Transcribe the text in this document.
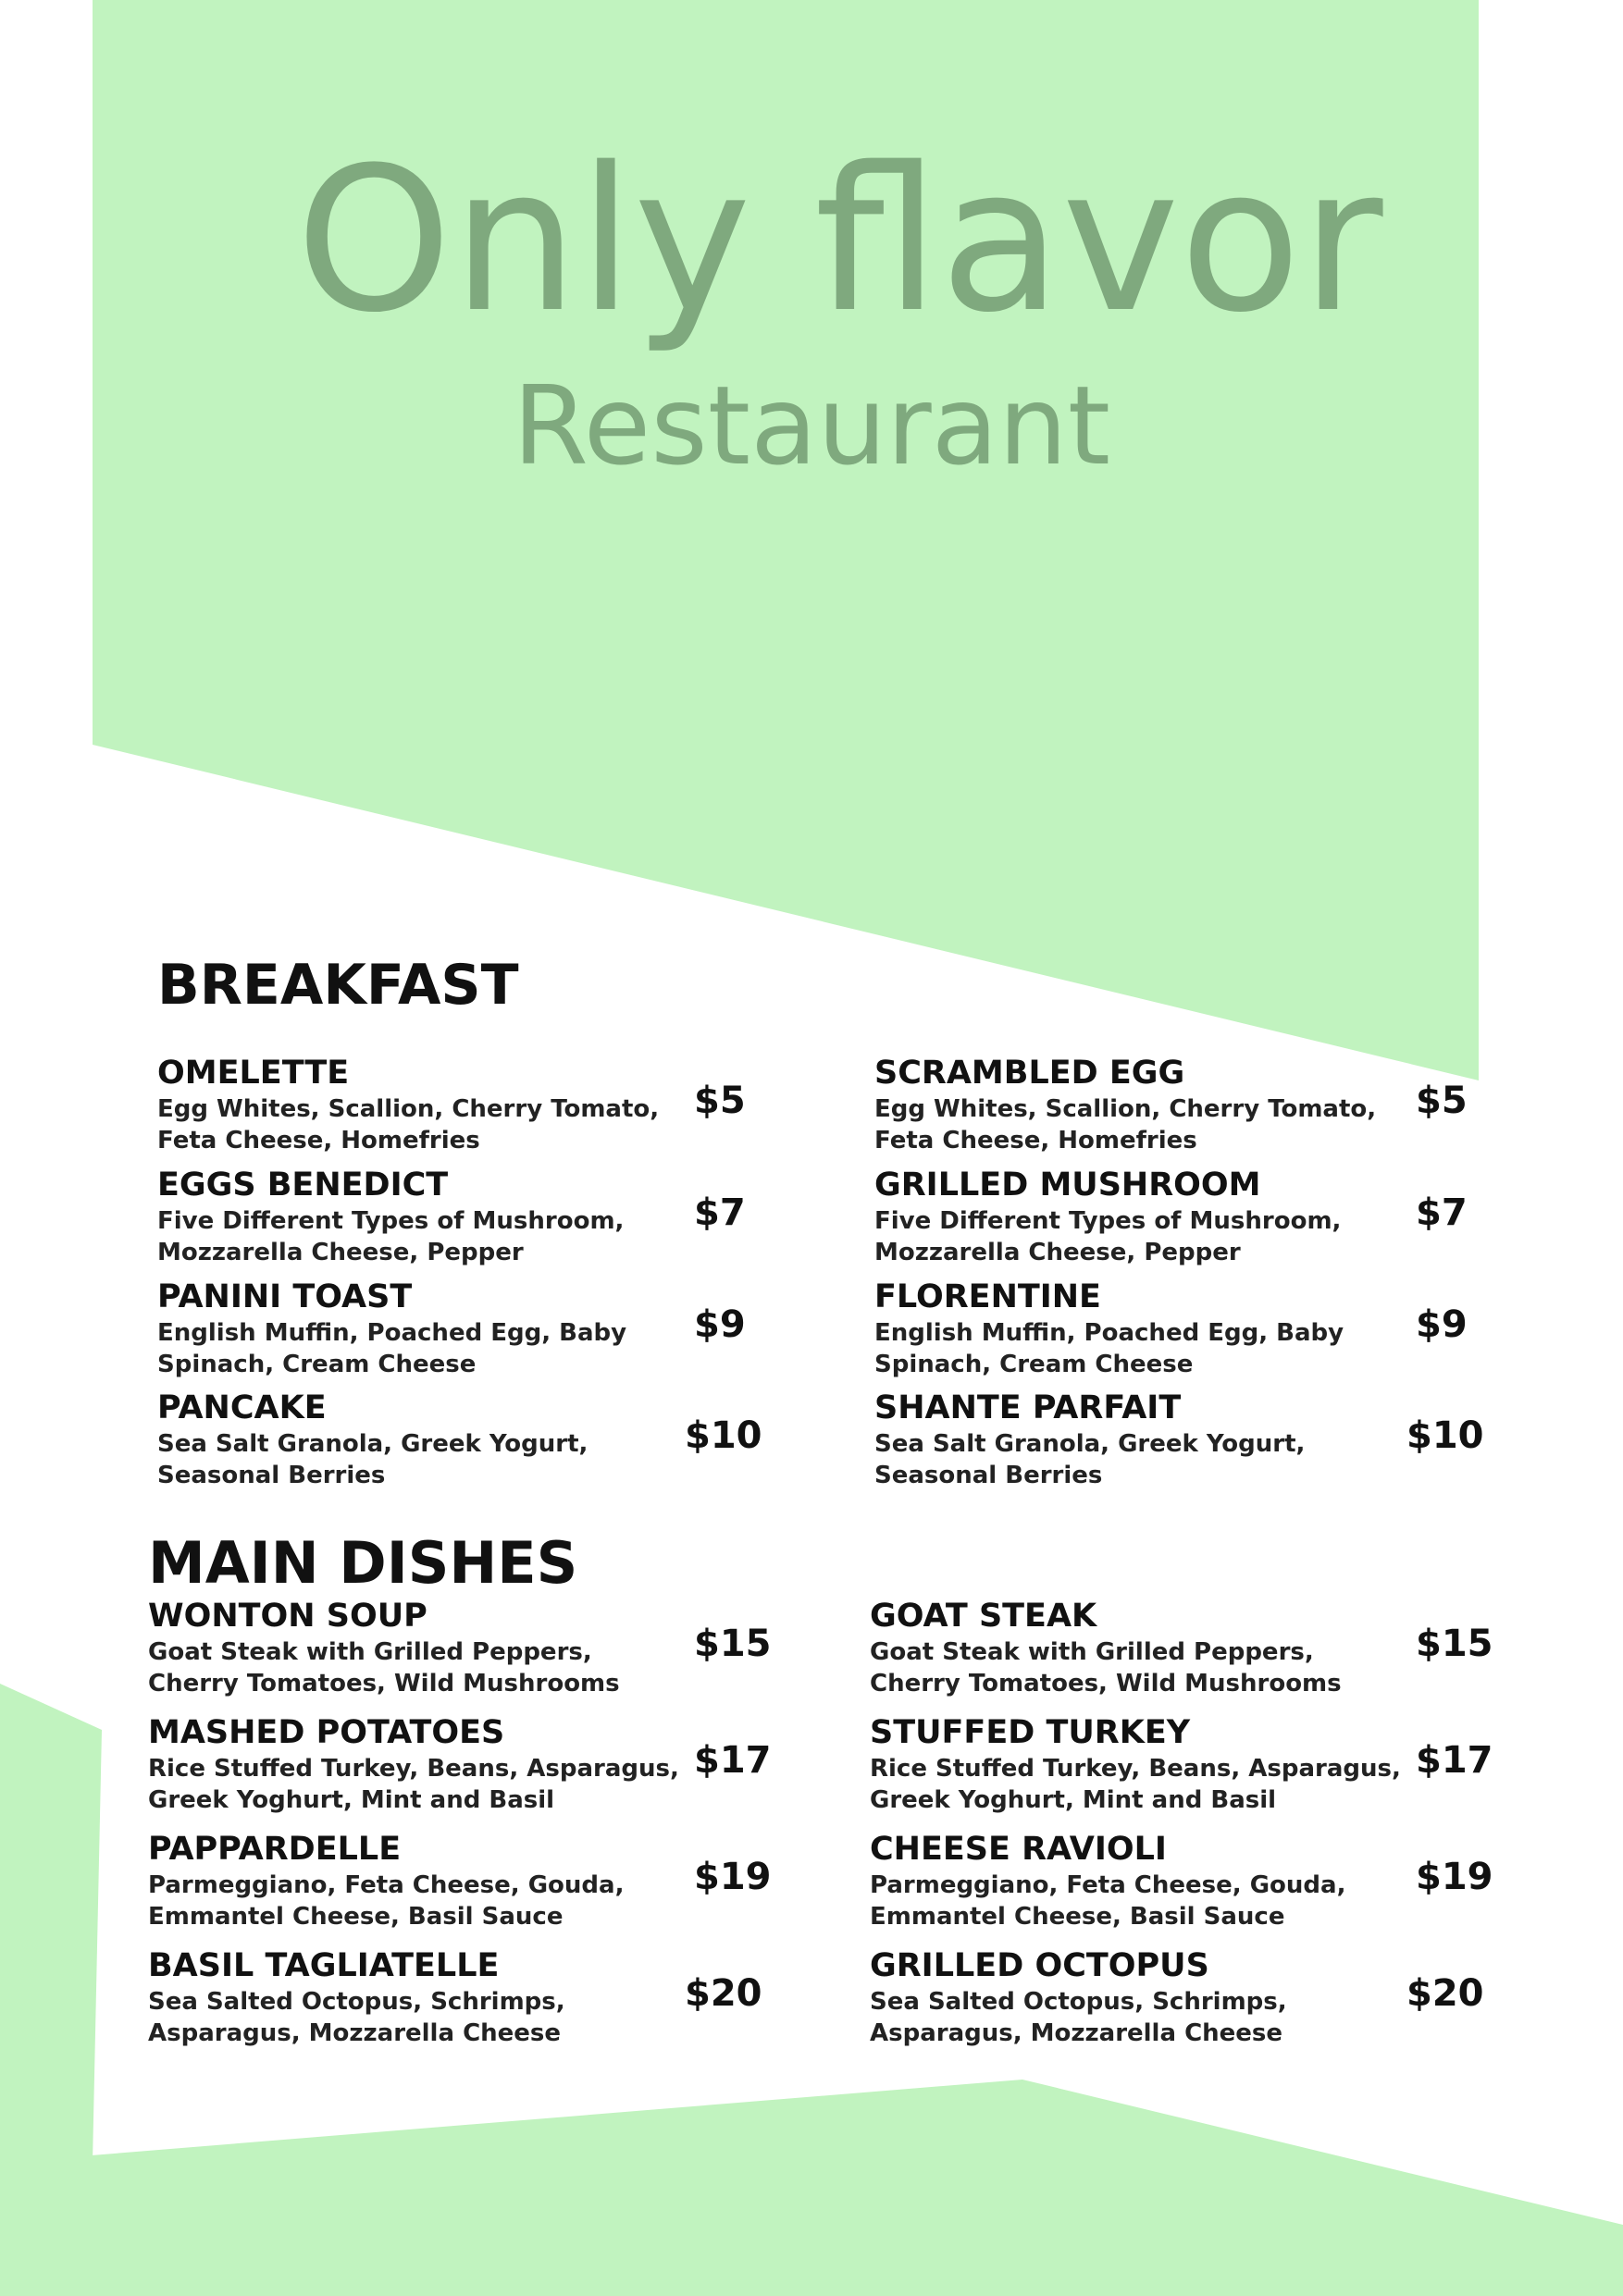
Only flavor
Restaurant
BREAKFAST
MAIN DISHES
OMELETTE
Egg Whites, Scallion, Cherry Tomato,
Feta Cheese, Homefries
$5
SCRAMBLED EGG
Egg Whites, Scallion, Cherry Tomato,
Feta Cheese, Homefries
$5
EGGS BENEDICT
Five Different Types of Mushroom,
Mozzarella Cheese, Pepper
$7
GRILLED MUSHROOM
Five Different Types of Mushroom,
Mozzarella Cheese, Pepper
$7
PANINI TOAST
English Muffin, Poached Egg, Baby
Spinach, Cream Cheese
$9
FLORENTINE
English Muffin, Poached Egg, Baby
Spinach, Cream Cheese
$9
PANCAKE
Sea Salt Granola, Greek Yogurt,
Seasonal Berries
$10
SHANTE PARFAIT
Sea Salt Granola, Greek Yogurt,
Seasonal Berries
$10
WONTON SOUP
Goat Steak with Grilled Peppers,
Cherry Tomatoes, Wild Mushrooms
$15
GOAT STEAK
Goat Steak with Grilled Peppers,
Cherry Tomatoes, Wild Mushrooms
$15
MASHED POTATOES
Rice Stuffed Turkey, Beans, Asparagus,
Greek Yoghurt, Mint and Basil
$17
STUFFED TURKEY
Rice Stuffed Turkey, Beans, Asparagus,
Greek Yoghurt, Mint and Basil
$17
PAPPARDELLE
Parmeggiano, Feta Cheese, Gouda,
Emmantel Cheese, Basil Sauce
$19
CHEESE RAVIOLI
Parmeggiano, Feta Cheese, Gouda,
Emmantel Cheese, Basil Sauce
$19
BASIL TAGLIATELLE
Sea Salted Octopus, Schrimps,
Asparagus, Mozzarella Cheese
$20
GRILLED OCTOPUS
Sea Salted Octopus, Schrimps,
Asparagus, Mozzarella Cheese
$20
